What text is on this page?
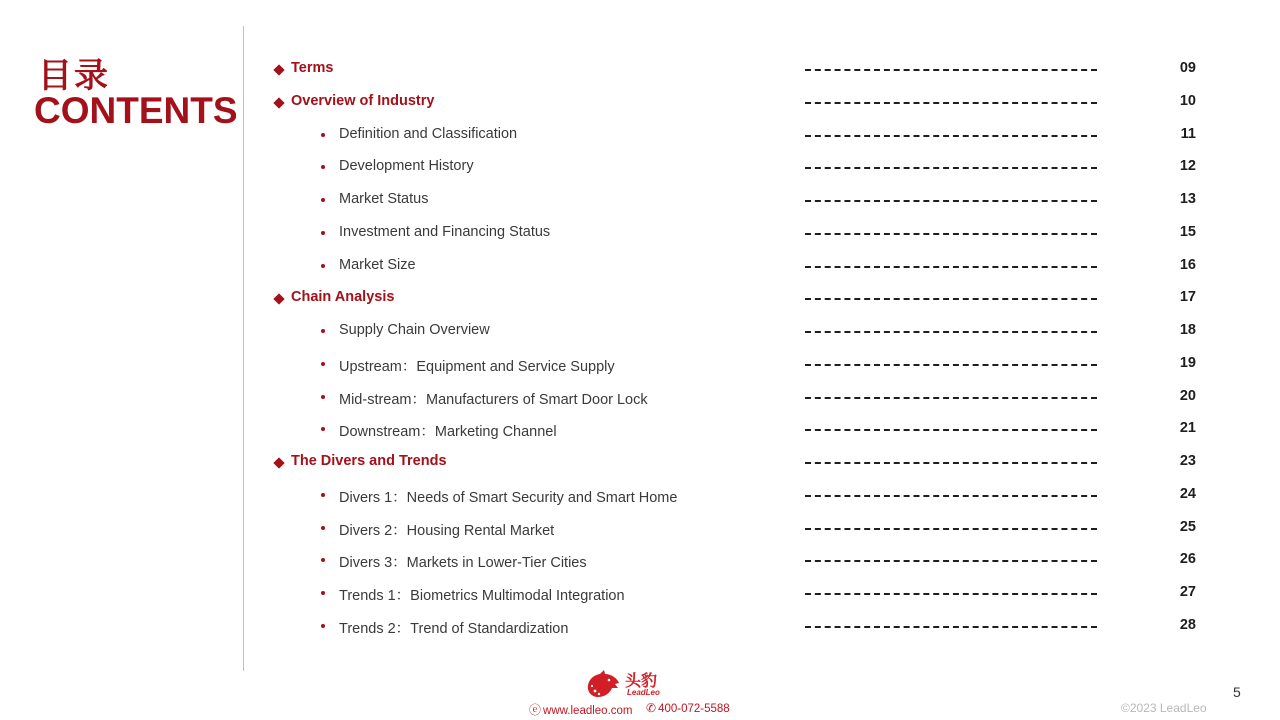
目录
CONTENTS
Terms	09
Overview of Industry	10
Definition and Classification	11
Development History	12
Market Status	13
Investment and Financing Status	15
Market Size	16
Chain Analysis	17
Supply Chain Overview	18
Upstream：Equipment and Service Supply	19
Mid-stream：Manufacturers of Smart Door Lock	20
Downstream：Marketing Channel	21
The Divers and Trends	23
Divers 1：Needs of Smart Security and Smart Home	24
Divers 2：Housing Rental Market	25
Divers 3：Markets in Lower-Tier Cities	26
Trends 1：Biometrics Multimodal Integration	27
Trends 2：Trend of Standardization	28
头豹
LeadLeo
ⓔ www.leadleo.com ✆ 400-072-5588	©2023 LeadLeo
5
